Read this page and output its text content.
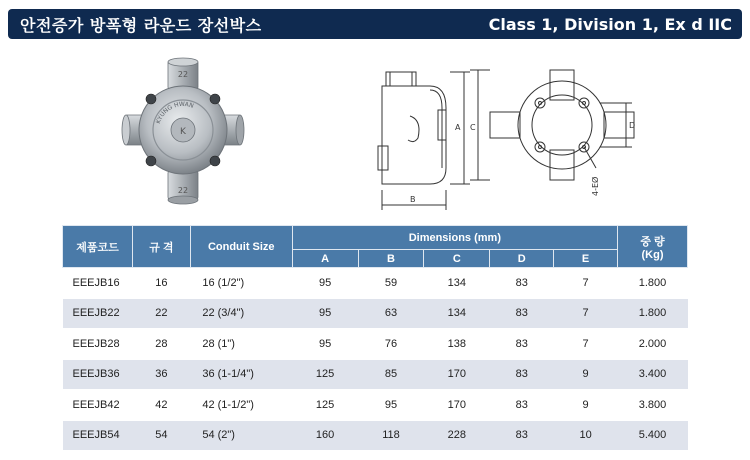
안전증가 방폭형 라운드 장선박스	Class 1, Division 1, Ex d IIC
22
22
K
KYUNG HWAN
A
B
C	D
4-EØ
제품코드	규 격	Conduit Size	Dimensions (mm)					중 량
(Kg)

			A	B	C	D	E	
EEEJB16	16	16 (1/2")	95	59	134	83	7	1.800
EEEJB22	22	22 (3/4")	95	63	134	83	7	1.800
EEEJB28	28	28 (1")	95	76	138	83	7	2.000
EEEJB36	36	36 (1-1/4")	125	85	170	83	9	3.400
EEEJB42	42	42 (1-1/2")	125	95	170	83	9	3.800
EEEJB54	54	54 (2")	160	118	228	83	10	5.400
